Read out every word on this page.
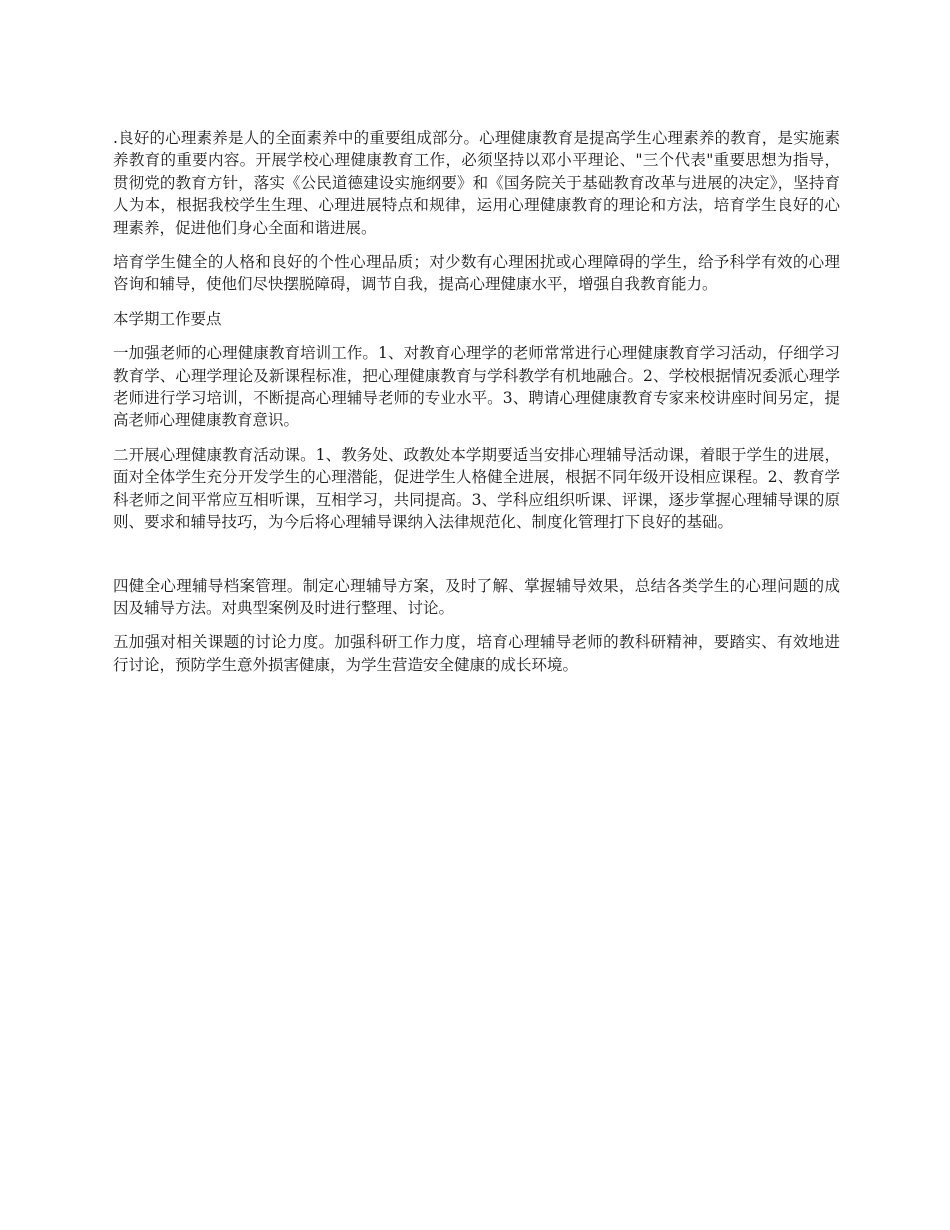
.良好的心理素养是人的全面素养中的重要组成部分。心理健康教育是提高学生心理素养的教育，是实施素养教育的重要内容。开展学校心理健康教育工作，必须坚持以邓小平理论、"三个代表"重要思想为指导，贯彻党的教育方针，落实《公民道德建设实施纲要》和《国务院关于基础教育改革与进展的决定》，坚持育人为本，根据我校学生生理、心理进展特点和规律，运用心理健康教育的理论和方法，培育学生良好的心理素养，促进他们身心全面和谐进展。

培育学生健全的人格和良好的个性心理品质；对少数有心理困扰或心理障碍的学生，给予科学有效的心理咨询和辅导，使他们尽快摆脱障碍，调节自我，提高心理健康水平，增强自我教育能力。

本学期工作要点

一加强老师的心理健康教育培训工作。1、对教育心理学的老师常常进行心理健康教育学习活动，仔细学习教育学、心理学理论及新课程标准，把心理健康教育与学科教学有机地融合。2、学校根据情况委派心理学老师进行学习培训，不断提高心理辅导老师的专业水平。3、聘请心理健康教育专家来校讲座时间另定，提高老师心理健康教育意识。

二开展心理健康教育活动课。1、教务处、政教处本学期要适当安排心理辅导活动课，着眼于学生的进展，面对全体学生充分开发学生的心理潜能，促进学生人格健全进展，根据不同年级开设相应课程。2、教育学科老师之间平常应互相听课，互相学习，共同提高。3、学科应组织听课、评课，逐步掌握心理辅导课的原则、要求和辅导技巧，为今后将心理辅导课纳入法律规范化、制度化管理打下良好的基础。

四健全心理辅导档案管理。制定心理辅导方案，及时了解、掌握辅导效果，总结各类学生的心理问题的成因及辅导方法。对典型案例及时进行整理、讨论。

五加强对相关课题的讨论力度。加强科研工作力度，培育心理辅导老师的教科研精神，要踏实、有效地进行讨论，预防学生意外损害健康，为学生营造安全健康的成长环境。
